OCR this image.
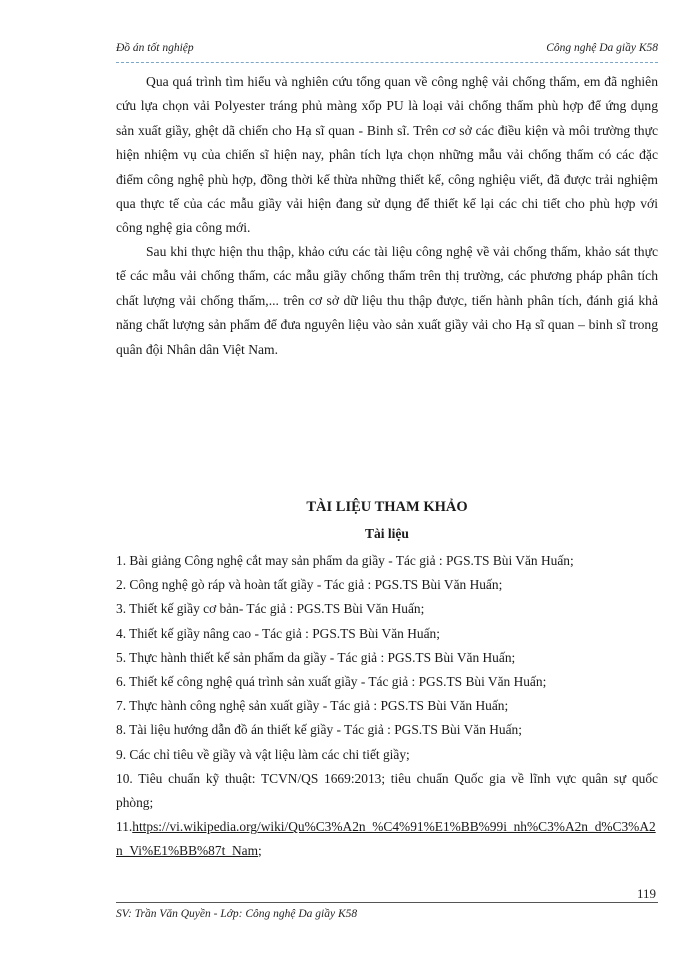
Đồ án tốt nghiệp	Công nghệ Da giầy K58

Qua quá trình tìm hiểu và nghiên cứu tổng quan về công nghệ vải chống thấm, em đã nghiên cứu lựa chọn vải Polyester tráng phủ màng xốp PU là loại vải chống thấm phù hợp để ứng dụng sản xuất giầy, ghệt dã chiến cho Hạ sĩ quan - Binh sĩ. Trên cơ sở các điều kiện và môi trường thực hiện nhiệm vụ của chiến sĩ hiện nay, phân tích lựa chọn những mẫu vải chống thấm có các đặc điểm công nghệ phù hợp, đồng thời kế thừa những thiết kế, công nghiệu viết, đã được trải nghiệm qua thực tế của các mẫu giầy vải hiện đang sử dụng để thiết kế lại các chi tiết cho phù hợp với công nghệ gia công mới.

Sau khi thực hiện thu thập, khảo cứu các tài liệu công nghệ về vải chống thấm, khảo sát thực tế các mẫu vải chống thấm, các mẫu giầy chống thấm trên thị trường, các phương pháp phân tích chất lượng vải chống thấm,... trên cơ sở dữ liệu thu thập được, tiến hành phân tích, đánh giá khả năng chất lượng sản phẩm để đưa nguyên liệu vào sản xuất giầy vải cho Hạ sĩ quan – binh sĩ trong quân đội Nhân dân Việt Nam.

TÀI LIỆU THAM KHẢO
Tài liệu
1. Bài giảng Công nghệ cắt may sản phẩm da giầy - Tác giả : PGS.TS Bùi Văn Huấn;
2. Công nghệ gò ráp và hoàn tất giầy - Tác giả : PGS.TS Bùi Văn Huấn;
3. Thiết kế giầy cơ bản- Tác giả : PGS.TS Bùi Văn Huấn;
4. Thiết kế giầy nâng cao - Tác giả : PGS.TS Bùi Văn Huấn;
5. Thực hành thiết kế sản phẩm da giầy - Tác giả : PGS.TS Bùi Văn Huấn;
6. Thiết kế công nghệ quá trình sản xuất giầy - Tác giả : PGS.TS Bùi Văn Huấn;
7. Thực hành công nghệ sản xuất giầy - Tác giả : PGS.TS Bùi Văn Huấn;
8. Tài liệu hướng dẫn đồ án thiết kế giầy - Tác giả : PGS.TS Bùi Văn Huấn;
9. Các chỉ tiêu về giầy và vật liệu làm các chi tiết giầy;
10. Tiêu chuẩn kỹ thuật: TCVN/QS 1669:2013; tiêu chuẩn Quốc gia về lĩnh vực quân sự quốc phòng;
11.https://vi.wikipedia.org/wiki/Qu%C3%A2n_%C4%91%E1%BB%99i_nh%C3%A2n_d%C3%A2n_Vi%E1%BB%87t_Nam;
119
SV: Trần Văn Quyền - Lớp: Công nghệ Da giầy K58
